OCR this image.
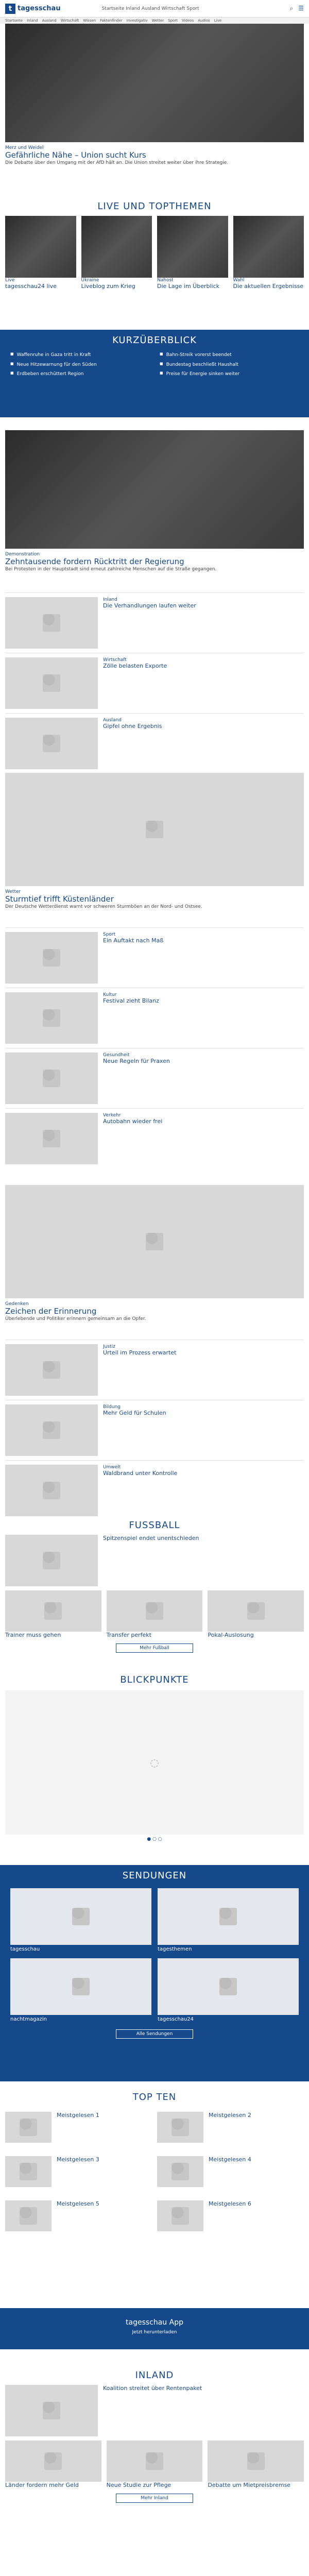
t tagesschau	Startseite Inland Ausland Wirtschaft Sport	⌕ ☰
Startseite Inland Ausland Wirtschaft Wissen Faktenfinder Investigativ Wetter Sport Videos Audios Live
Merz und Weidel
Gefährliche Nähe – Union sucht Kurs
Die Debatte über den Umgang mit der AfD hält an. Die Union streitet weiter über ihre Strategie.
LIVE UND TOPTHEMEN
Live
tagesschau24 live
Ukraine
Liveblog zum Krieg
Nahost
Die Lage im Überblick
Wahl
Die aktuellen Ergebnisse
KURZÜBERBLICK
■ Waffenruhe in Gaza tritt in Kraft	■ Bahn-Streik vorerst beendet
■ Neue Hitzewarnung für den Süden	■ Bundestag beschließt Haushalt
■ Erdbeben erschüttert Region	■ Preise für Energie sinken weiter
Demonstration
Zehntausende fordern Rücktritt der Regierung
Bei Protesten in der Hauptstadt sind erneut zahlreiche Menschen auf die Straße gegangen.
Inland
Die Verhandlungen laufen weiter
Wirtschaft
Zölle belasten Exporte
Ausland
Gipfel ohne Ergebnis
Wetter
Sturmtief trifft Küstenländer
Der Deutsche Wetterdienst warnt vor schweren Sturmböen an der Nord- und Ostsee.
Sport
Ein Auftakt nach Maß
Kultur
Festival zieht Bilanz
Gesundheit
Neue Regeln für Praxen
Verkehr
Autobahn wieder frei
Gedenken
Zeichen der Erinnerung
Überlebende und Politiker erinnern gemeinsam an die Opfer.
Justiz
Urteil im Prozess erwartet
Bildung
Mehr Geld für Schulen
Umwelt
Waldbrand unter Kontrolle
FUSSBALL
Spitzenspiel endet unentschieden
Trainer muss gehen	Transfer perfekt	Pokal-Auslosung
Mehr Fußball
BLICKPUNKTE
◌
● ○ ○
SENDUNGEN
tagesschau	tagesthemen
nachtmagazin	tagesschau24
Alle Sendungen
TOP TEN
Meistgelesen 1	Meistgelesen 2
Meistgelesen 3	Meistgelesen 4
Meistgelesen 5	Meistgelesen 6
tagesschau App
Jetzt herunterladen
INLAND
Koalition streitet über Rentenpaket
Länder fordern mehr Geld	Neue Studie zur Pflege	Debatte um Mietpreisbremse
Mehr Inland
